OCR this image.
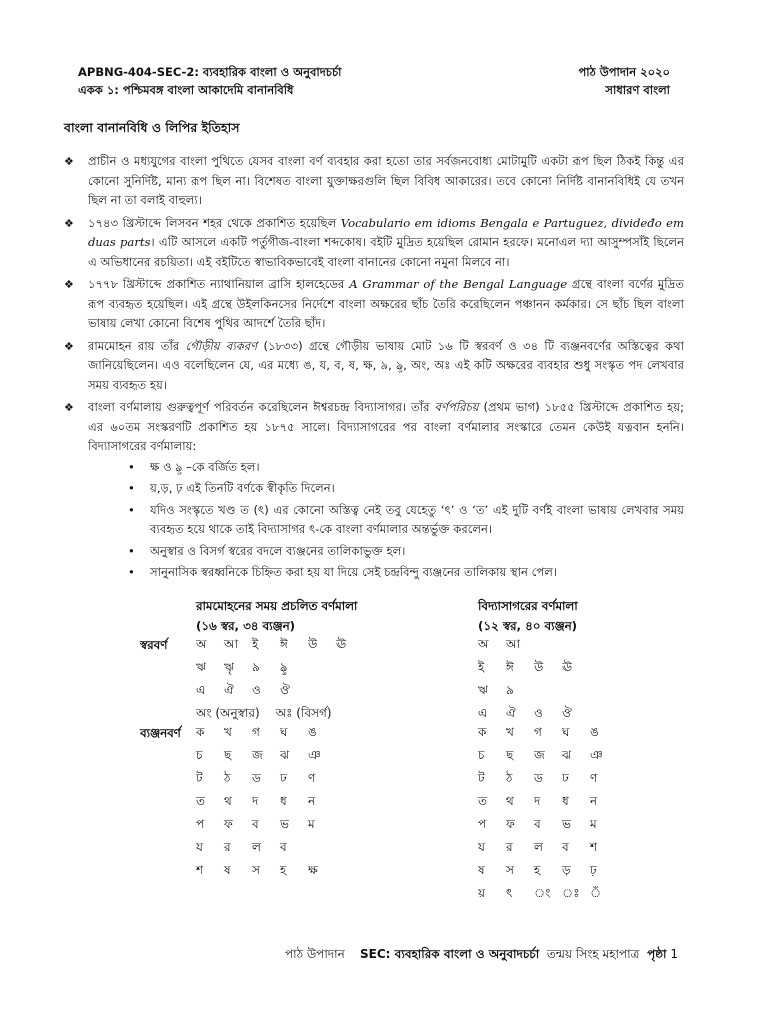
APBNG-404-SEC-2: ব্যবহারিক বাংলা ও অনুবাদচর্চা	পাঠ উপাদান ২০২০
একক ১: পশ্চিমবঙ্গ বাংলা আকাদেমি বানানবিধি	সাধারণ বাংলা
বাংলা বানানবিধি ও লিপির ইতিহাস
❖ প্রাচীন ও মধ্যযুগের বাংলা পুথিতে যেসব বাংলা বর্ণ ব্যবহার করা হতো তার সর্বজনবোধ্য মোটামুটি একটা রূপ ছিল ঠিকই কিন্তু এর কোনো সুনির্দিষ্ট, মান্য রূপ ছিল না। বিশেষত বাংলা যুক্তাক্ষরগুলি ছিল বিবিধ আকারের। তবে কোনো নির্দিষ্ট বানানবিধিই যে তখন ছিল না তা বলাই বাহুল্য।
❖ ১৭৪৩ খ্রিস্টাব্দে লিসবন শহর থেকে প্রকাশিত হয়েছিল Vocabulario em idioms Bengala e Partuguez, divideđo em duas parts। এটি আসলে একটি পর্তুগীজ-বাংলা শব্দকোষ। বইটি মুদ্রিত হয়েছিল রোমান হরফে। মনোএল দ্যা আসুম্পসাঁই ছিলেন এ অভিধানের রচয়িতা। এই বইটিতে স্বাভাবিকভাবেই বাংলা বানানের কোনো নমুনা মিলবে না।
❖ ১৭৭৮ খ্রিস্টাব্দে প্রকাশিত ন্যাথানিয়াল ব্রাসি হালহেডের A Grammar of the Bengal Language গ্রন্থে বাংলা বর্ণের মুদ্রিত রূপ ব্যবহৃত হয়েছিল। এই গ্রন্থে উইলকিনসের নির্দেশে বাংলা অক্ষরের ছাঁচ তৈরি করেছিলেন পঞ্চানন কর্মকার। সে ছাঁচ ছিল বাংলা ভাষায় লেখা কোনো বিশেষ পুথির আদর্শে তৈরি ছাঁদ।
❖ রামমোহন রায় তাঁর গৌড়ীয় ব্যকরণ (১৮৩৩) গ্রন্থে গৌড়ীয় ভাষায় মোট ১৬ টি স্বরবর্ণ ও ৩৪ টি ব্যঞ্জনবর্ণের অস্তিত্বের কথা জানিয়েছিলেন। এও বলেছিলেন যে, এর মধ্যে ঙ, য, ব, ষ, ক্ষ, ৯, ৡ, অং, অঃ এই কটি অক্ষরের ব্যবহার শুধু সংস্কৃত পদ লেখবার সময় ব্যবহৃত হয়।
❖ বাংলা বর্ণমালায় গুরুত্বপূর্ণ পরিবর্তন করেছিলেন ঈশ্বরচন্দ্র বিদ্যাসাগর। তাঁর বর্ণপরিচয় (প্রথম ভাগ) ১৮৫৫ খ্রিস্টাব্দে প্রকাশিত হয়; এর ৬০তম সংস্করণটি প্রকাশিত হয় ১৮৭৫ সালে। বিদ্যাসাগরের পর বাংলা বর্ণমালার সংস্কারে তেমন কেউই যত্নবান হননি। বিদ্যাসাগরের বর্ণমালায়:
• ক্ষ ও ৡ –কে বর্জিত হল।
• য়,ড়, ঢ় এই তিনটি বর্ণকে স্বীকৃতি দিলেন।
• যদিও সংস্কৃতে খণ্ড ত (ৎ) এর কোনো অস্তিত্ব নেই তবু যেহেতু ‘ৎ’ ও ‘ত’ এই দুটি বর্ণই বাংলা ভাষায় লেখবার সময় ব্যবহৃত হয়ে থাকে তাই বিদ্যাসাগর ৎ-কে বাংলা বর্ণমালার অন্তর্ভুক্ত করলেন।
• অনুস্বার ও বিসর্গ স্বরের বদলে ব্যঞ্জনের তালিকাভুক্ত হল।
• সানুনাসিক স্বরধ্বনিকে চিহ্নিত করা হয় যা দিয়ে সেই চন্দ্রবিন্দু ব্যঞ্জনের তালিকায় স্থান পেল।
রামমোহনের সময় প্রচলিত বর্ণমালা
(১৬ স্বর, ৩৪ ব্যঞ্জন)
বিদ্যাসাগরের বর্ণমালা
(১২ স্বর, ৪০ ব্যঞ্জন)
স্বরবর্ণ
ব্যঞ্জনবর্ণ
অ আ ই ঈ উ ঊ
ঋ ৠ ৯ ৡ
এ ঐ ও ঔ
অং (অনুস্বার) অঃ (বিসর্গ)
ক খ গ ঘ ঙ
চ ছ জ ঝ ঞ
ট ঠ ড ঢ ণ
ত থ দ ধ ন
প ফ ব ভ ম
য র ল ব
শ ষ স হ ক্ষ
অ আ
ই ঈ উ ঊ
ঋ ৯
এ ঐ ও ঔ
ক খ গ ঘ ঙ
চ ছ জ ঝ ঞ
ট ঠ ড ঢ ণ
ত থ দ ধ ন
প ফ ব ভ ম
য র ল ব শ
ষ স হ ড় ঢ়
য় ৎ ং ঃ ঁ
পাঠ উপাদান SEC: ব্যবহারিক বাংলা ও অনুবাদচর্চা তন্ময় সিংহ মহাপাত্র পৃষ্ঠা 1
